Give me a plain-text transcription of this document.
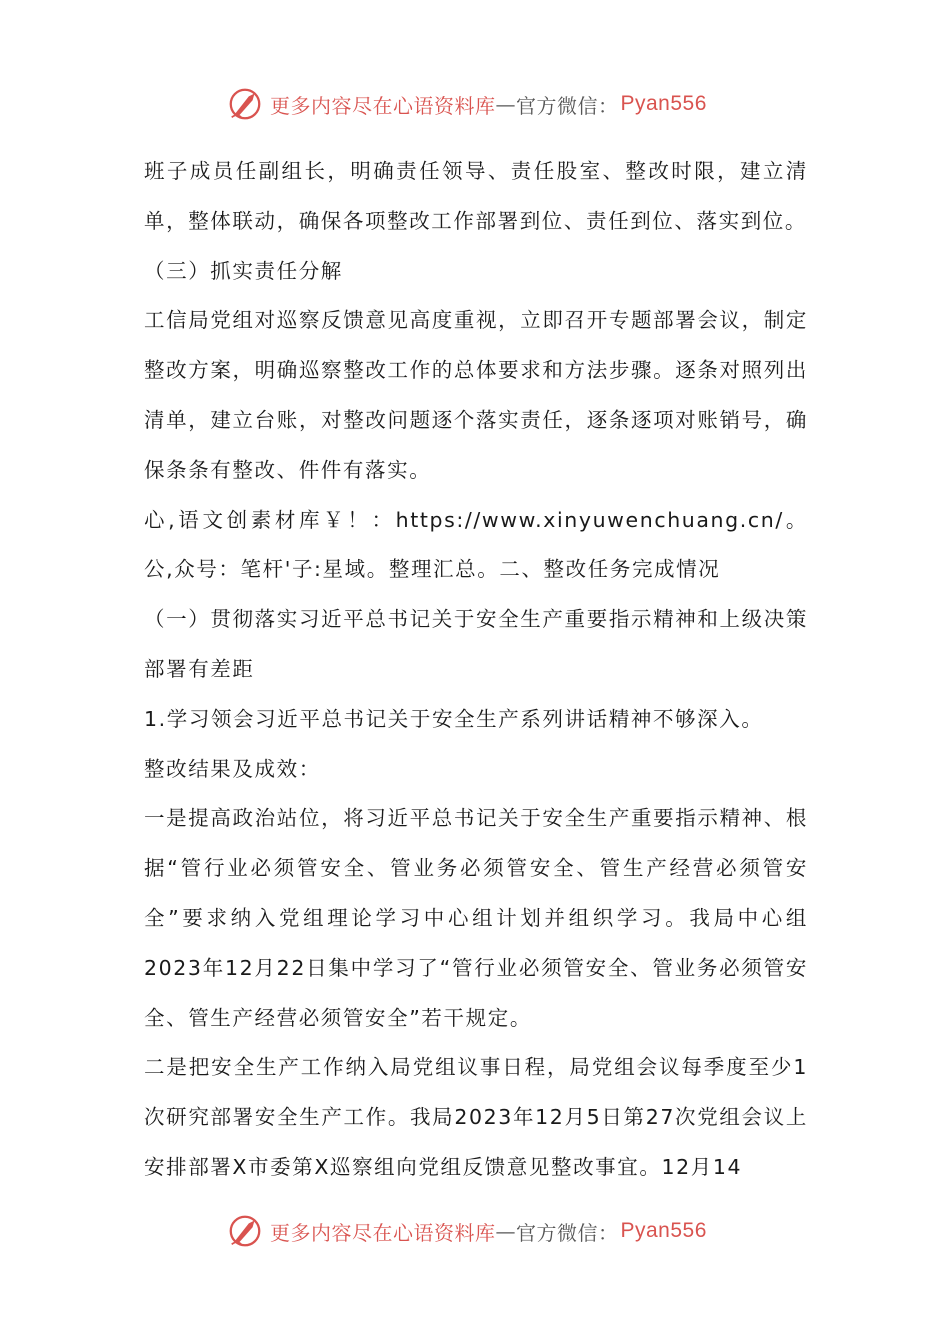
更多内容尽在心语资料库 — 官方微信： Pyan556

班子成员任副组长，明确责任领导、责任股室、整改时限，建立清单，整体联动，确保各项整改工作部署到位、责任到位、落实到位。

（三）抓实责任分解

工信局党组对巡察反馈意见高度重视，立即召开专题部署会议，制定整改方案，明确巡察整改工作的总体要求和方法步骤。逐条对照列出清单，建立台账，对整改问题逐个落实责任，逐条逐项对账销号，确保条条有整改、件件有落实。

心,语文创素材库￥！：https://www.xinyuwenchuang.cn/。公,众号：笔杆'子:星域。整理汇总。二、整改任务完成情况

（一）贯彻落实习近平总书记关于安全生产重要指示精神和上级决策部署有差距

1.学习领会习近平总书记关于安全生产系列讲话精神不够深入。

整改结果及成效：

一是提高政治站位，将习近平总书记关于安全生产重要指示精神、根据“管行业必须管安全、管业务必须管安全、管生产经营必须管安全”要求纳入党组理论学习中心组计划并组织学习。我局中心组2023年12月22日集中学习了“管行业必须管安全、管业务必须管安全、管生产经营必须管安全”若干规定。

二是把安全生产工作纳入局党组议事日程，局党组会议每季度至少1次研究部署安全生产工作。我局2023年12月5日第27次党组会议上安排部署X市委第X巡察组向党组反馈意见整改事宜。12月14

更多内容尽在心语资料库 — 官方微信： Pyan556
